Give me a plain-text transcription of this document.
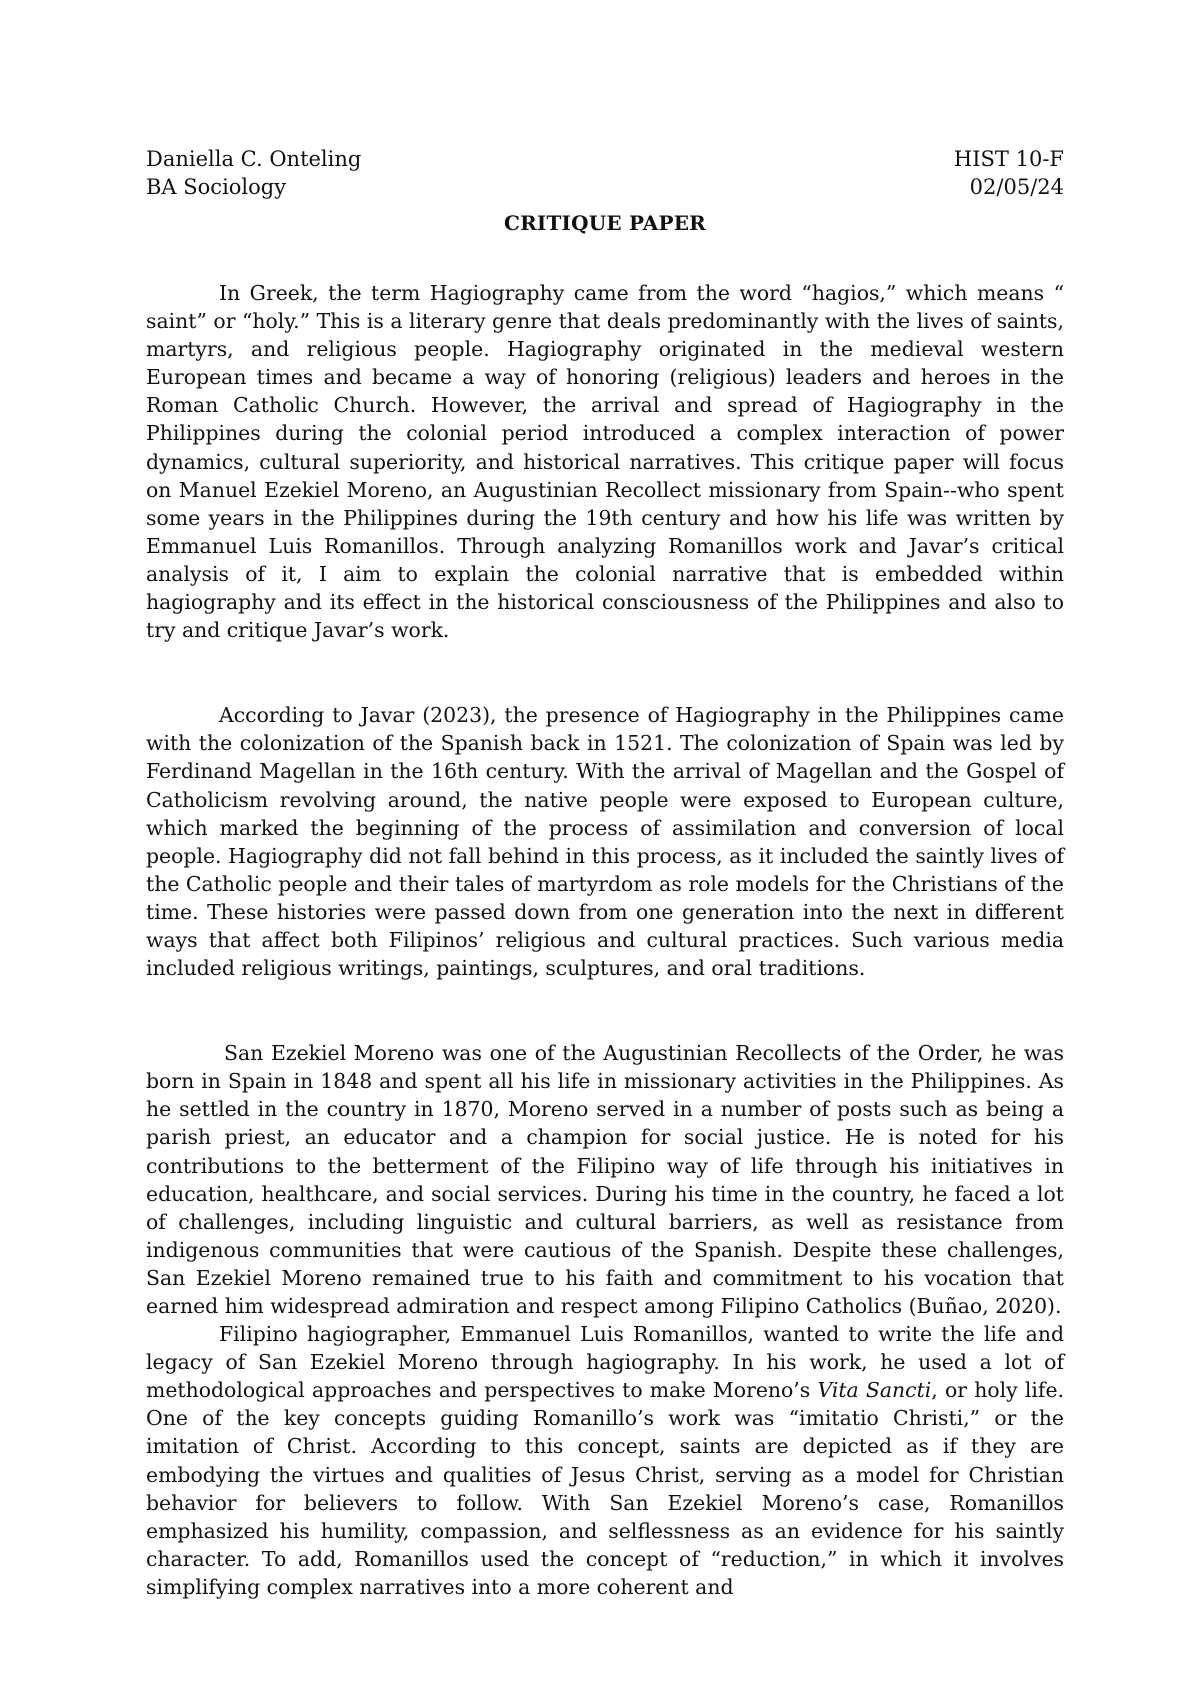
Daniella C. Onteling	HIST 10-F
BA Sociology	02/05/24
CRITIQUE PAPER

In Greek, the term Hagiography came from the word “hagios,” which means “ saint” or “holy.” This is a literary genre that deals predominantly with the lives of saints, martyrs, and religious people. Hagiography originated in the medieval western European times and became a way of honoring (religious) leaders and heroes in the Roman Catholic Church. However, the arrival and spread of Hagiography in the Philippines during the colonial period introduced a complex interaction of power dynamics, cultural superiority, and historical narratives. This critique paper will focus on Manuel Ezekiel Moreno, an Augustinian Recollect missionary from Spain--who spent some years in the Philippines during the 19th century and how his life was written by Emmanuel Luis Romanillos. Through analyzing Romanillos work and Javar’s critical analysis of it, I aim to explain the colonial narrative that is embedded within hagiography and its effect in the historical consciousness of the Philippines and also to try and critique Javar’s work.

According to Javar (2023), the presence of Hagiography in the Philippines came with the colonization of the Spanish back in 1521. The colonization of Spain was led by Ferdinand Magellan in the 16th century. With the arrival of Magellan and the Gospel of Catholicism revolving around, the native people were exposed to European culture, which marked the beginning of the process of assimilation and conversion of local people. Hagiography did not fall behind in this process, as it included the saintly lives of the Catholic people and their tales of martyrdom as role models for the Christians of the time. These histories were passed down from one generation into the next in different ways that affect both Filipinos’ religious and cultural practices. Such various media included religious writings, paintings, sculptures, and oral traditions.

San Ezekiel Moreno was one of the Augustinian Recollects of the Order, he was born in Spain in 1848 and spent all his life in missionary activities in the Philippines. As he settled in the country in 1870, Moreno served in a number of posts such as being a parish priest, an educator and a champion for social justice. He is noted for his contributions to the betterment of the Filipino way of life through his initiatives in education, healthcare, and social services. During his time in the country, he faced a lot of challenges, including linguistic and cultural barriers, as well as resistance from indigenous communities that were cautious of the Spanish. Despite these challenges, San Ezekiel Moreno remained true to his faith and commitment to his vocation that earned him widespread admiration and respect among Filipino Catholics (Buñao, 2020).

Filipino hagiographer, Emmanuel Luis Romanillos, wanted to write the life and legacy of San Ezekiel Moreno through hagiography. In his work, he used a lot of methodological approaches and perspectives to make Moreno’s Vita Sancti, or holy life. One of the key concepts guiding Romanillo’s work was “imitatio Christi,” or the imitation of Christ. According to this concept, saints are depicted as if they are embodying the virtues and qualities of Jesus Christ, serving as a model for Christian behavior for believers to follow. With San Ezekiel Moreno’s case, Romanillos emphasized his humility, compassion, and selflessness as an evidence for his saintly character. To add, Romanillos used the concept of “reduction,” in which it involves simplifying complex narratives into a more coherent and
